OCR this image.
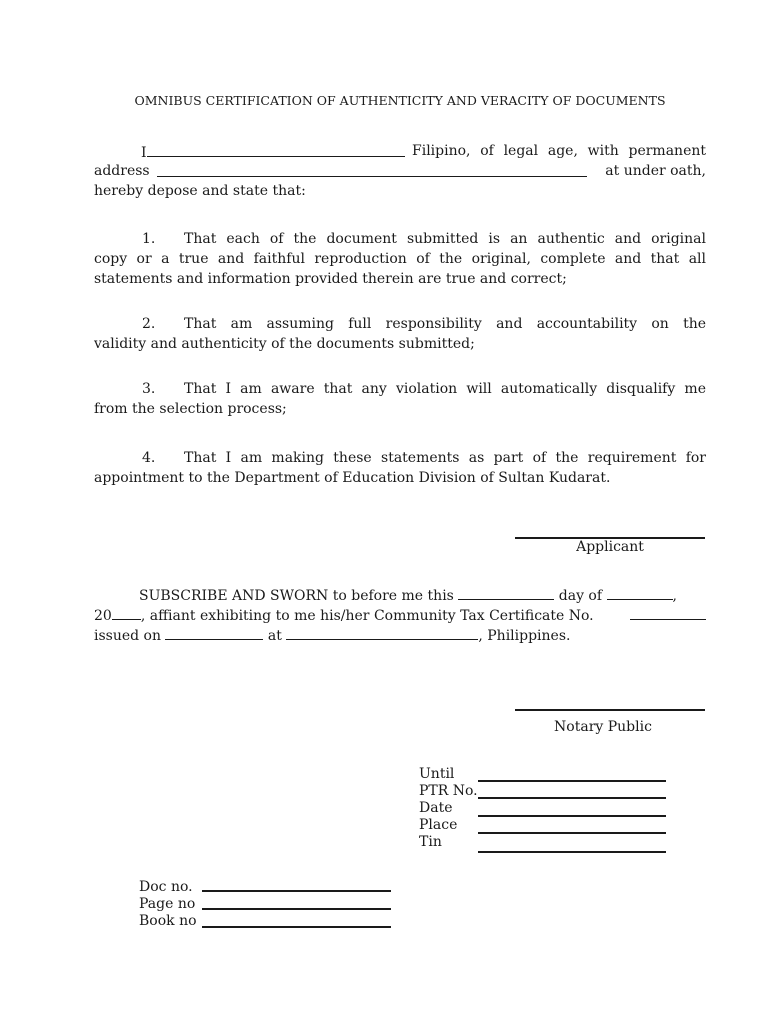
OMNIBUS CERTIFICATION OF AUTHENTICITY AND VERACITY OF DOCUMENTS
I	Filipino, of legal age, with permanent
address	at under oath,
hereby depose and state that:
1. That each of the document submitted is an authentic and original
copy or a true and faithful reproduction of the original, complete and that all
statements and information provided therein are true and correct;
2. That am assuming full responsibility and accountability on the
validity and authenticity of the documents submitted;
3. That I am aware that any violation will automatically disqualify me
from the selection process;
4. That I am making these statements as part of the requirement for
appointment to the Department of Education Division of Sultan Kudarat.
Applicant
SUBSCRIBE AND SWORN to before me this	day of	,
20 , affiant exhibiting to me his/her Community Tax Certificate No.
issued on	at	, Philippines.
Notary Public
Until
PTR No.
Date
Place
Tin
Doc no.
Page no
Book no
